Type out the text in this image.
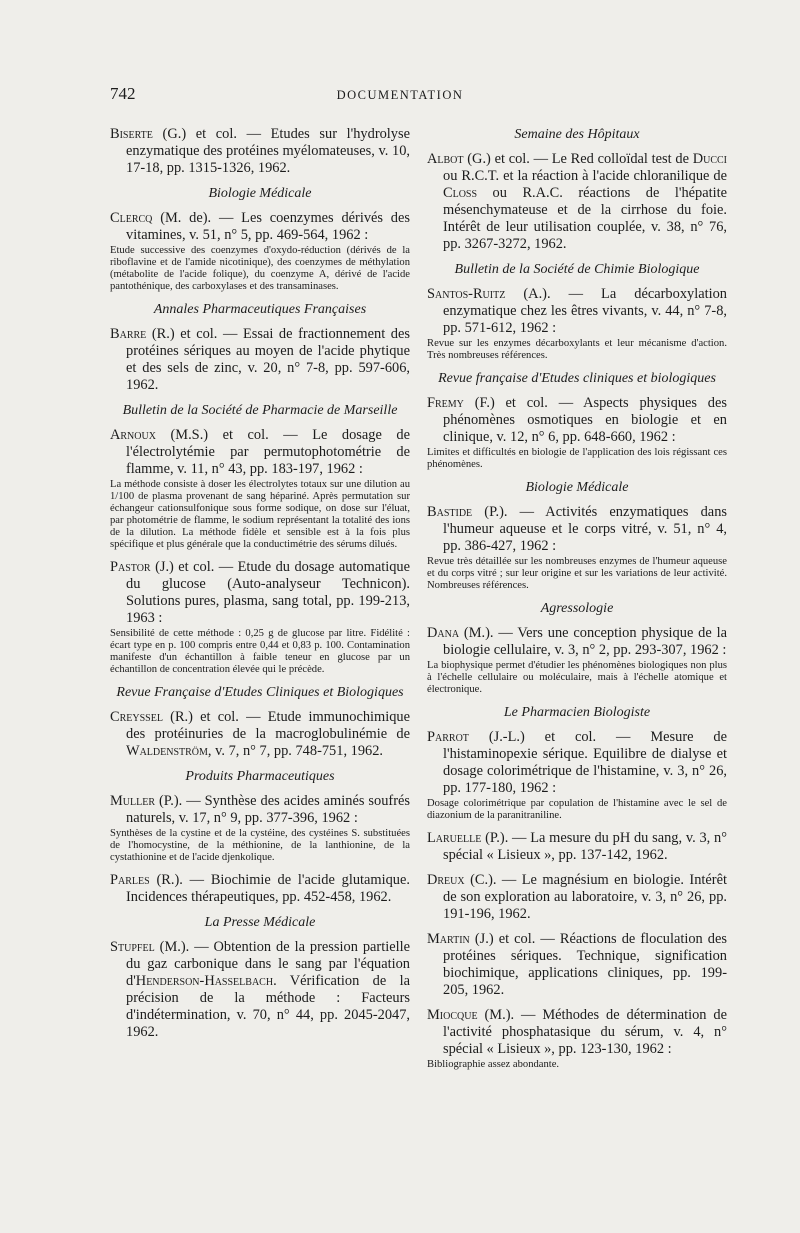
742	DOCUMENTATION

Biserte (G.) et col. — Etudes sur l'hydrolyse enzymatique des protéines myélomateuses, v. 10, 17-18, pp. 1315-1326, 1962.

Biologie Médicale

Clercq (M. de). — Les coenzymes dérivés des vitamines, v. 51, n° 5, pp. 469-564, 1962 :

Etude successive des coenzymes d'oxydo-réduction (dérivés de la riboflavine et de l'amide nicotinique), des coenzymes de méthylation (métabolite de l'acide folique), du coenzyme A, dérivé de l'acide pantothénique, des carboxylases et des transaminases.

Annales Pharmaceutiques Françaises

Barre (R.) et col. — Essai de fractionnement des protéines sériques au moyen de l'acide phytique et des sels de zinc, v. 20, n° 7-8, pp. 597-606, 1962.

Bulletin de la Société de Pharmacie de Marseille

Arnoux (M.S.) et col. — Le dosage de l'électrolytémie par permutophotométrie de flamme, v. 11, n° 43, pp. 183-197, 1962 :

La méthode consiste à doser les électrolytes totaux sur une dilution au 1/100 de plasma provenant de sang hépariné. Après permutation sur échangeur cationsulfonique sous forme sodique, on dose sur l'éluat, par photométrie de flamme, le sodium représentant la totalité des ions de la dilution. La méthode fidèle et sensible est à la fois plus spécifique et plus générale que la conductimétrie des sérums dilués.

Pastor (J.) et col. — Etude du dosage automatique du glucose (Auto-analyseur Technicon). Solutions pures, plasma, sang total, pp. 199-213, 1963 :

Sensibilité de cette méthode : 0,25 g de glucose par litre. Fidélité : écart type en p. 100 compris entre 0,44 et 0,83 p. 100. Contamination manifeste d'un échantillon à faible teneur en glucose par un échantillon de concentration élevée qui le précède.

Revue Française d'Etudes Cliniques et Biologiques

Creyssel (R.) et col. — Etude immunochimique des protéinuries de la macroglobulinémie de Waldenström, v. 7, n° 7, pp. 748-751, 1962.

Produits Pharmaceutiques

Muller (P.). — Synthèse des acides aminés soufrés naturels, v. 17, n° 9, pp. 377-396, 1962 :

Synthèses de la cystine et de la cystéine, des cystéines S. substituées de l'homocystine, de la méthionine, de la lanthionine, de la cystathionine et de l'acide djenkolique.

Parles (R.). — Biochimie de l'acide glutamique. Incidences thérapeutiques, pp. 452-458, 1962.

La Presse Médicale

Stupfel (M.). — Obtention de la pression partielle du gaz carbonique dans le sang par l'équation d'Henderson-Hasselbach. Vérification de la précision de la méthode : Facteurs d'indétermination, v. 70, n° 44, pp. 2045-2047, 1962.

Semaine des Hôpitaux

Albot (G.) et col. — Le Red colloïdal test de Ducci ou R.C.T. et la réaction à l'acide chloranilique de Closs ou R.A.C. réactions de l'hépatite mésenchymateuse et de la cirrhose du foie. Intérêt de leur utilisation couplée, v. 38, n° 76, pp. 3267-3272, 1962.

Bulletin de la Société de Chimie Biologique

Santos-Ruitz (A.). — La décarboxylation enzymatique chez les êtres vivants, v. 44, n° 7-8, pp. 571-612, 1962 :

Revue sur les enzymes décarboxylants et leur mécanisme d'action. Très nombreuses références.

Revue française d'Etudes cliniques et biologiques

Fremy (F.) et col. — Aspects physiques des phénomènes osmotiques en biologie et en clinique, v. 12, n° 6, pp. 648-660, 1962 :

Limites et difficultés en biologie de l'application des lois régissant ces phénomènes.

Biologie Médicale

Bastide (P.). — Activités enzymatiques dans l'humeur aqueuse et le corps vitré, v. 51, n° 4, pp. 386-427, 1962 :

Revue très détaillée sur les nombreuses enzymes de l'humeur aqueuse et du corps vitré ; sur leur origine et sur les variations de leur activité. Nombreuses références.

Agressologie

Dana (M.). — Vers une conception physique de la biologie cellulaire, v. 3, n° 2, pp. 293-307, 1962 :

La biophysique permet d'étudier les phénomènes biologiques non plus à l'échelle cellulaire ou moléculaire, mais à l'échelle atomique et électronique.

Le Pharmacien Biologiste

Parrot (J.-L.) et col. — Mesure de l'histaminopexie sérique. Equilibre de dialyse et dosage colorimétrique de l'histamine, v. 3, n° 26, pp. 177-180, 1962 :

Dosage colorimétrique par copulation de l'histamine avec le sel de diazonium de la paranitraniline.

Laruelle (P.). — La mesure du pH du sang, v. 3, n° spécial « Lisieux », pp. 137-142, 1962.

Dreux (C.). — Le magnésium en biologie. Intérêt de son exploration au laboratoire, v. 3, n° 26, pp. 191-196, 1962.

Martin (J.) et col. — Réactions de floculation des protéines sériques. Technique, signification biochimique, applications cliniques, pp. 199-205, 1962.

Miocque (M.). — Méthodes de détermination de l'activité phosphatasique du sérum, v. 4, n° spécial « Lisieux », pp. 123-130, 1962 :

Bibliographie assez abondante.
